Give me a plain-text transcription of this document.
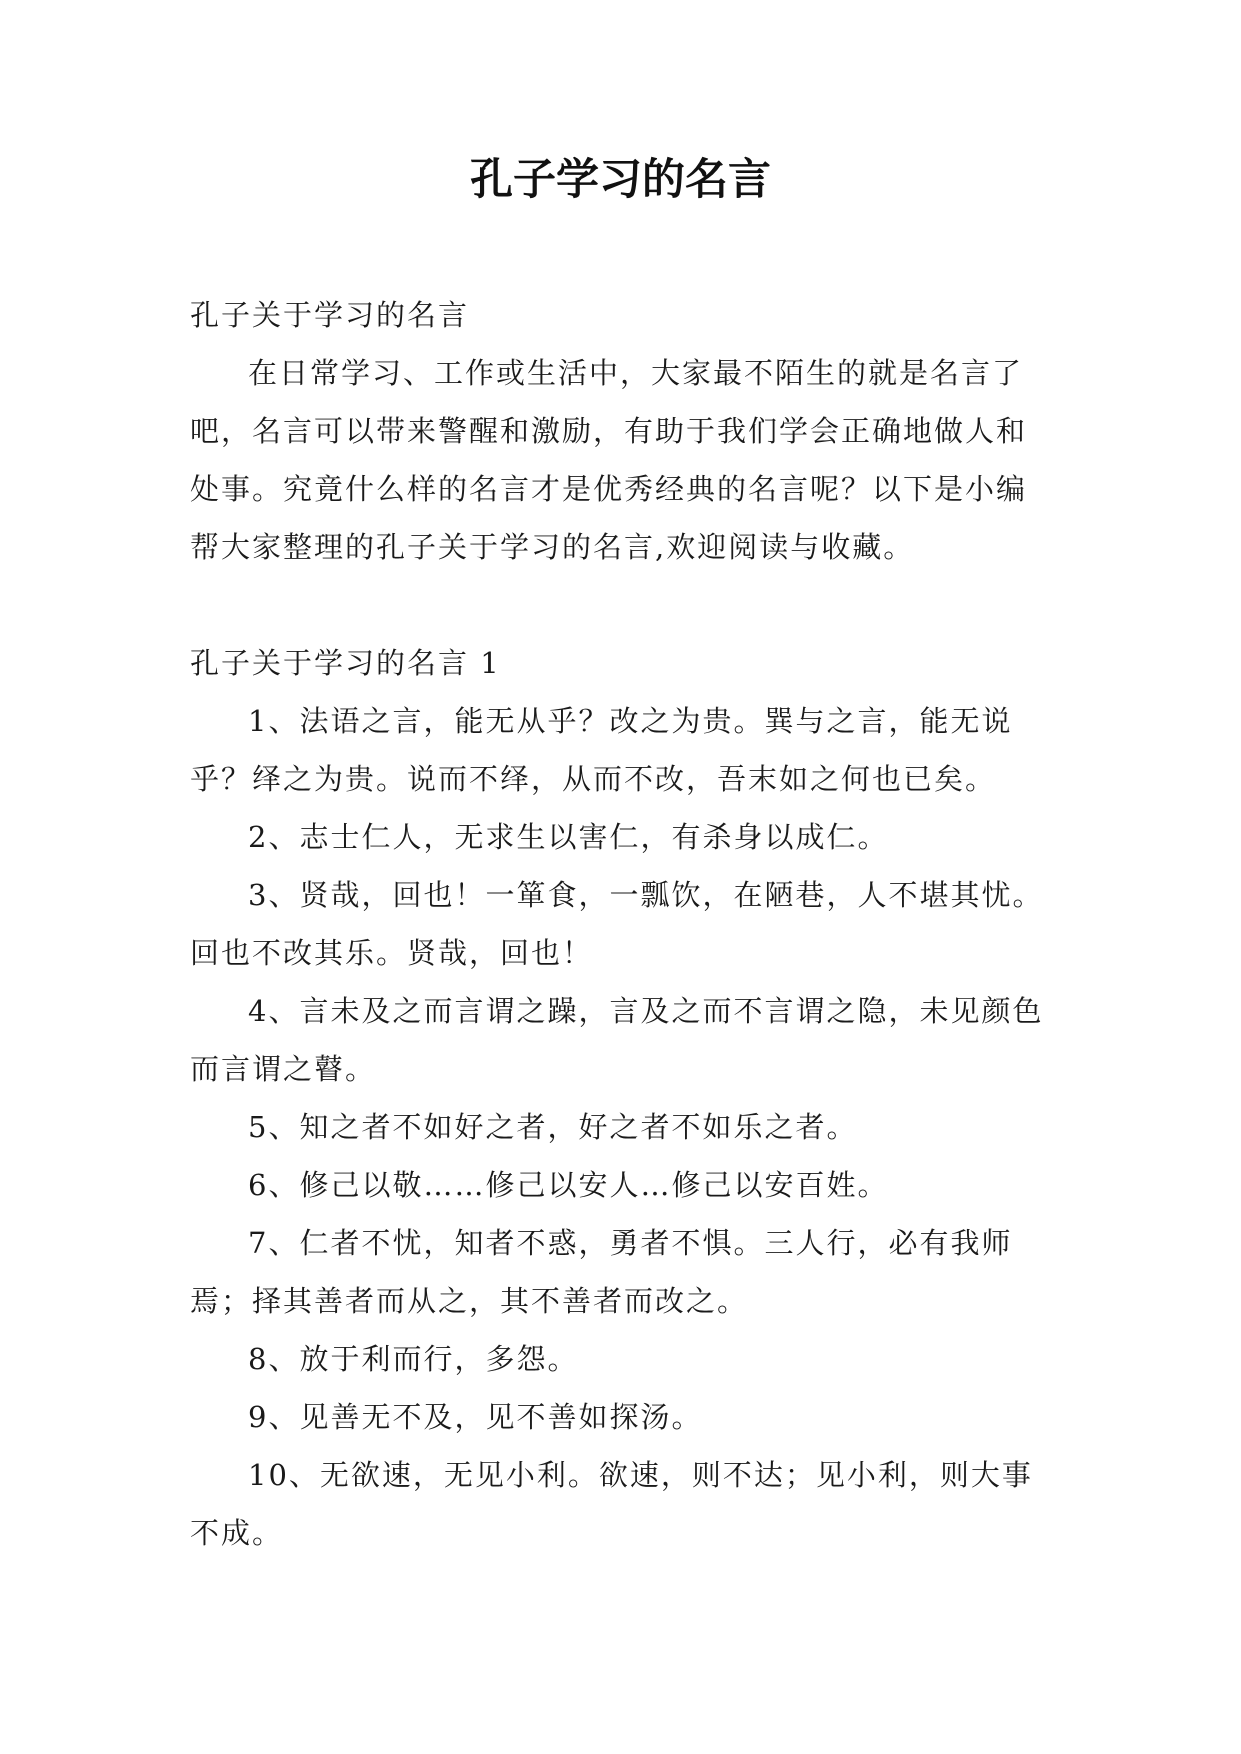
孔子学习的名言

孔子关于学习的名言

在日常学习、工作或生活中，大家最不陌生的就是名言了吧，名言可以带来警醒和激励，有助于我们学会正确地做人和处事。究竟什么样的名言才是优秀经典的名言呢？以下是小编帮大家整理的孔子关于学习的名言,欢迎阅读与收藏。

孔子关于学习的名言 1

1、法语之言，能无从乎？改之为贵。巽与之言，能无说乎？绎之为贵。说而不绎，从而不改，吾末如之何也已矣。

2、志士仁人，无求生以害仁，有杀身以成仁。

3、贤哉，回也！一箪食，一瓢饮，在陋巷，人不堪其忧。回也不改其乐。贤哉，回也！

4、言未及之而言谓之躁，言及之而不言谓之隐，未见颜色而言谓之瞽。

5、知之者不如好之者，好之者不如乐之者。

6、修己以敬……修己以安人…修己以安百姓。

7、仁者不忧，知者不惑，勇者不惧。三人行，必有我师焉；择其善者而从之，其不善者而改之。

8、放于利而行，多怨。

9、见善无不及，见不善如探汤。

10、无欲速，无见小利。欲速，则不达；见小利，则大事不成。
